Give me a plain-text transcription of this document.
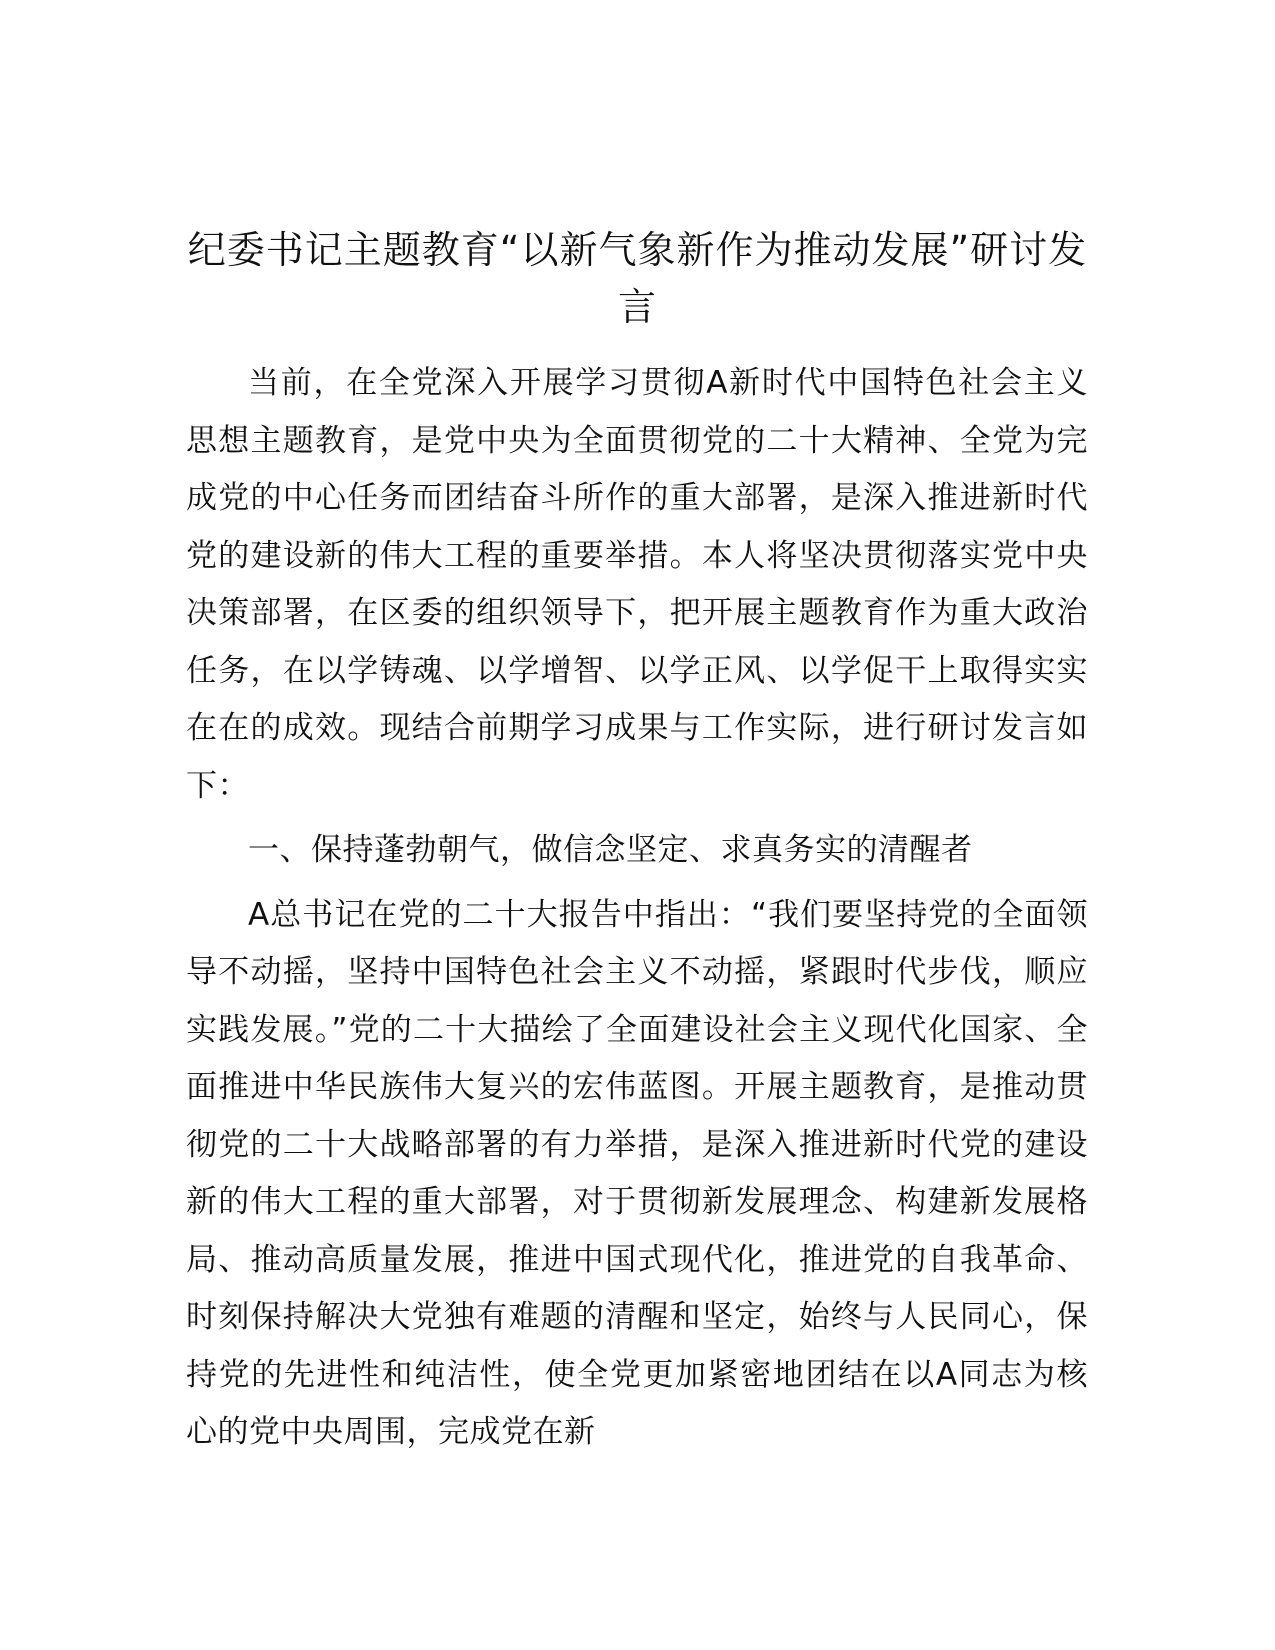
纪委书记主题教育“以新气象新作为推动发展”研讨发言

当前，在全党深入开展学习贯彻A新时代中国特色社会主义思想主题教育，是党中央为全面贯彻党的二十大精神、全党为完成党的中心任务而团结奋斗所作的重大部署，是深入推进新时代党的建设新的伟大工程的重要举措。本人将坚决贯彻落实党中央决策部署，在区委的组织领导下，把开展主题教育作为重大政治任务，在以学铸魂、以学增智、以学正风、以学促干上取得实实在在的成效。现结合前期学习成果与工作实际，进行研讨发言如下：

一、保持蓬勃朝气，做信念坚定、求真务实的清醒者

A总书记在党的二十大报告中指出：“我们要坚持党的全面领导不动摇，坚持中国特色社会主义不动摇，紧跟时代步伐，顺应实践发展。”党的二十大描绘了全面建设社会主义现代化国家、全面推进中华民族伟大复兴的宏伟蓝图。开展主题教育，是推动贯彻党的二十大战略部署的有力举措，是深入推进新时代党的建设新的伟大工程的重大部署，对于贯彻新发展理念、构建新发展格局、推动高质量发展，推进中国式现代化，推进党的自我革命、时刻保持解决大党独有难题的清醒和坚定，始终与人民同心，保持党的先进性和纯洁性，使全党更加紧密地团结在以A同志为核心的党中央周围，完成党在新
